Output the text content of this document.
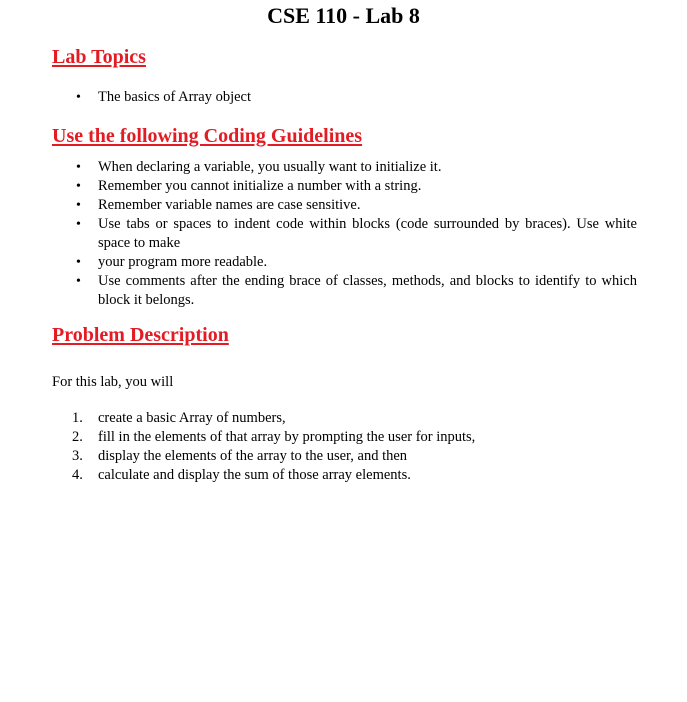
CSE 110 - Lab 8
Lab Topics
• The basics of Array object
Use the following Coding Guidelines
• When declaring a variable, you usually want to initialize it.
• Remember you cannot initialize a number with a string.
• Remember variable names are case sensitive.
• Use tabs or spaces to indent code within blocks (code surrounded by braces). Use white space to make
• your program more readable.
• Use comments after the ending brace of classes, methods, and blocks to identify to which block it belongs.
Problem Description

For this lab, you will

create a basic Array of numbers,
fill in the elements of that array by prompting the user for inputs,
display the elements of the array to the user, and then
calculate and display the sum of those array elements.
